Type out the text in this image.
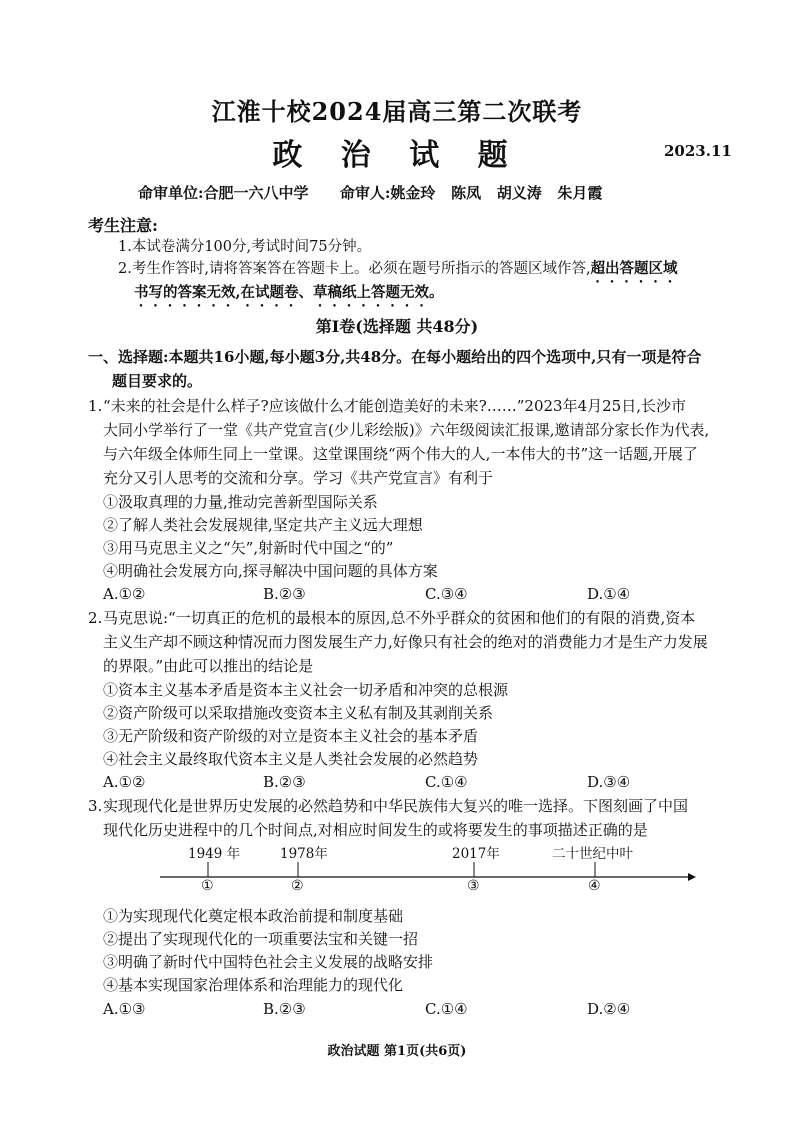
江淮十校2024届高三第二次联考
政 治 试 题	2023.11
命审单位:合肥一六八中学      命审人:姚金玲   陈凤   胡义涛   朱月霞
考生注意:
1.本试卷满分100分,考试时间75分钟。
2.考生作答时,请将答案答在答题卡上。必须在题号所指示的答题区域作答,超出答题区域
书写的答案无效,在试题卷、草稿纸上答题无效。
第Ⅰ卷(选择题 共48分)
一、选择题:本题共16小题,每小题3分,共48分。在每小题给出的四个选项中,只有一项是符合
题目要求的。
1. “未来的社会是什么样子?应该做什么才能创造美好的未来?……”2023年4月25日,长沙市
大同小学举行了一堂《共产党宣言(少儿彩绘版)》六年级阅读汇报课,邀请部分家长作为代表,
与六年级全体师生同上一堂课。这堂课围绕“两个伟大的人,一本伟大的书”这一话题,开展了
充分又引人思考的交流和分享。学习《共产党宣言》有利于
①汲取真理的力量,推动完善新型国际关系
②了解人类社会发展规律,坚定共产主义远大理想
③用马克思主义之“矢”,射新时代中国之“的”
④明确社会发展方向,探寻解决中国问题的具体方案
A.①②	B.②③	C.③④	D.①④
2. 马克思说:“一切真正的危机的最根本的原因,总不外乎群众的贫困和他们的有限的消费,资本
主义生产却不顾这种情况而力图发展生产力,好像只有社会的绝对的消费能力才是生产力发展
的界限。”由此可以推出的结论是
①资本主义基本矛盾是资本主义社会一切矛盾和冲突的总根源
②资产阶级可以采取措施改变资本主义私有制及其剥削关系
③无产阶级和资产阶级的对立是资本主义社会的基本矛盾
④社会主义最终取代资本主义是人类社会发展的必然趋势
A.①②	B.②③	C.①④	D.③④
3. 实现现代化是世界历史发展的必然趋势和中华民族伟大复兴的唯一选择。下图刻画了中国
现代化历史进程中的几个时间点,对相应时间发生的或将要发生的事项描述正确的是
1949 年	1978年	2017年	二十世纪中叶
①	②	③	④
①为实现现代化奠定根本政治前提和制度基础
②提出了实现现代化的一项重要法宝和关键一招
③明确了新时代中国特色社会主义发展的战略安排
④基本实现国家治理体系和治理能力的现代化
A.①③	B.②③	C.①④	D.②④
政治试题 第1页(共6页)
